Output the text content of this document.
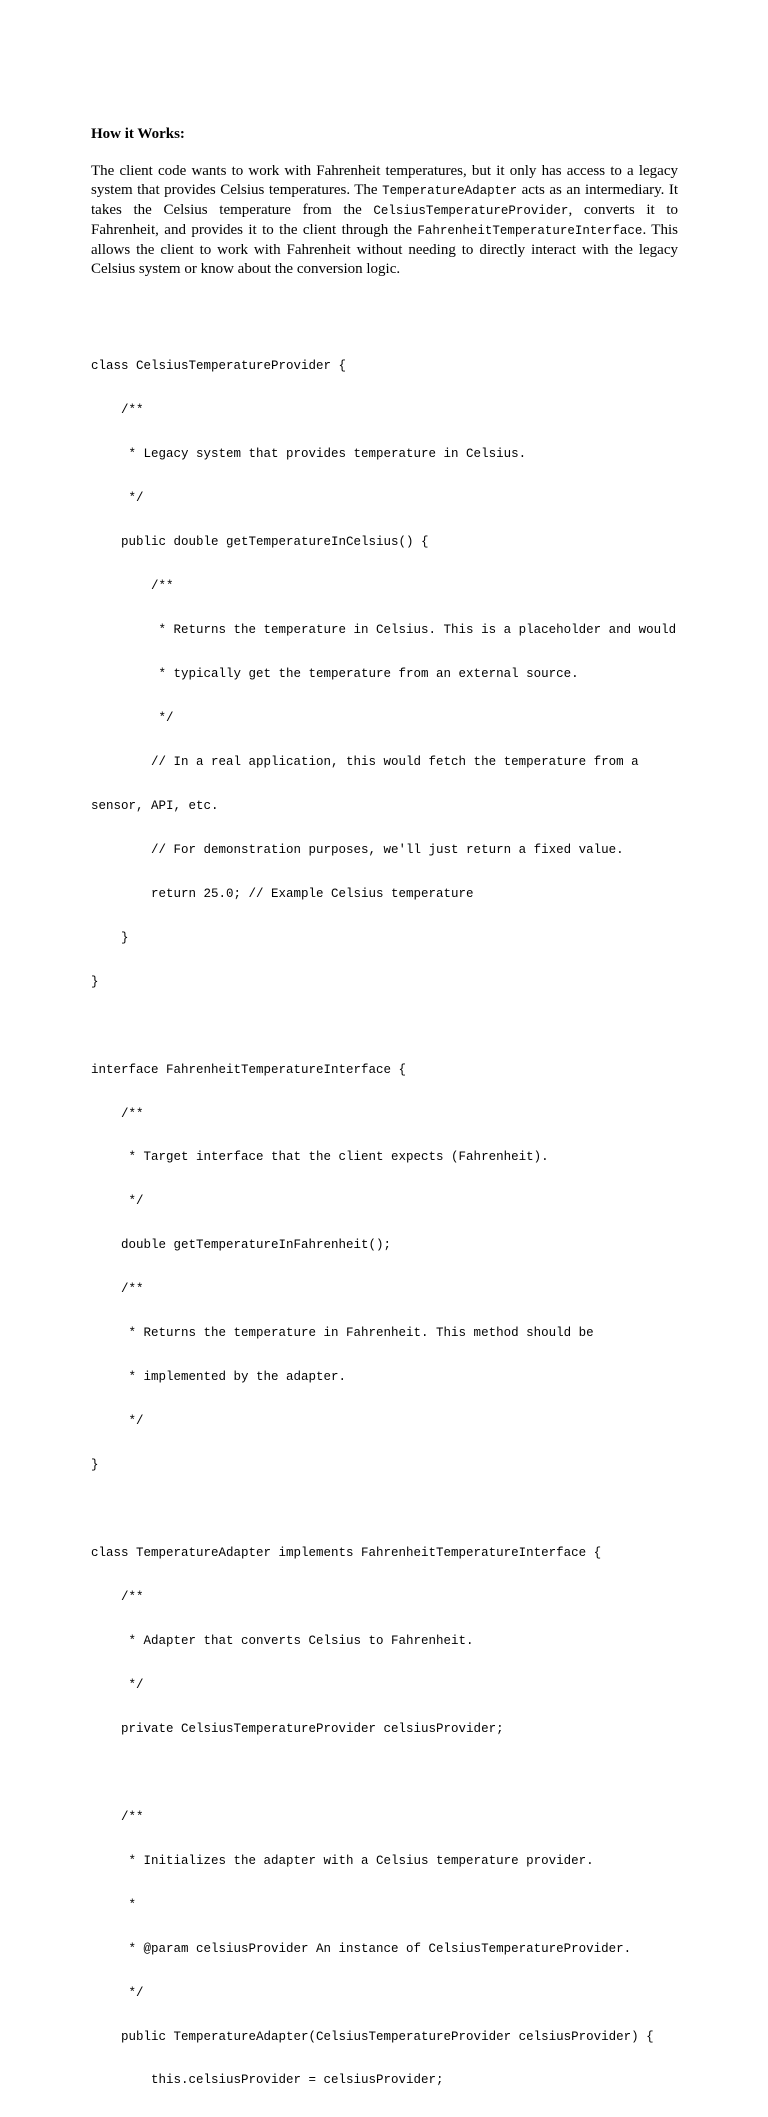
How it Works:

The client code wants to work with Fahrenheit temperatures, but it only has access to a legacy system that provides Celsius temperatures. The TemperatureAdapter acts as an intermediary. It takes the Celsius temperature from the CelsiusTemperatureProvider, converts it to Fahrenheit, and provides it to the client through the FahrenheitTemperatureInterface. This allows the client to work with Fahrenheit without needing to directly interact with the legacy Celsius system or know about the conversion logic.

class CelsiusTemperatureProvider {

/**

* Legacy system that provides temperature in Celsius.

*/

public double getTemperatureInCelsius() {

/**

* Returns the temperature in Celsius. This is a placeholder and would

* typically get the temperature from an external source.

*/

// In a real application, this would fetch the temperature from a

sensor, API, etc.

// For demonstration purposes, we'll just return a fixed value.

return 25.0; // Example Celsius temperature

}

}

interface FahrenheitTemperatureInterface {

/**

* Target interface that the client expects (Fahrenheit).

*/

double getTemperatureInFahrenheit();

/**

* Returns the temperature in Fahrenheit. This method should be

* implemented by the adapter.

*/

}

class TemperatureAdapter implements FahrenheitTemperatureInterface {

/**

* Adapter that converts Celsius to Fahrenheit.

*/

private CelsiusTemperatureProvider celsiusProvider;

/**

* Initializes the adapter with a Celsius temperature provider.

*

* @param celsiusProvider An instance of CelsiusTemperatureProvider.

*/

public TemperatureAdapter(CelsiusTemperatureProvider celsiusProvider) {

this.celsiusProvider = celsiusProvider;
